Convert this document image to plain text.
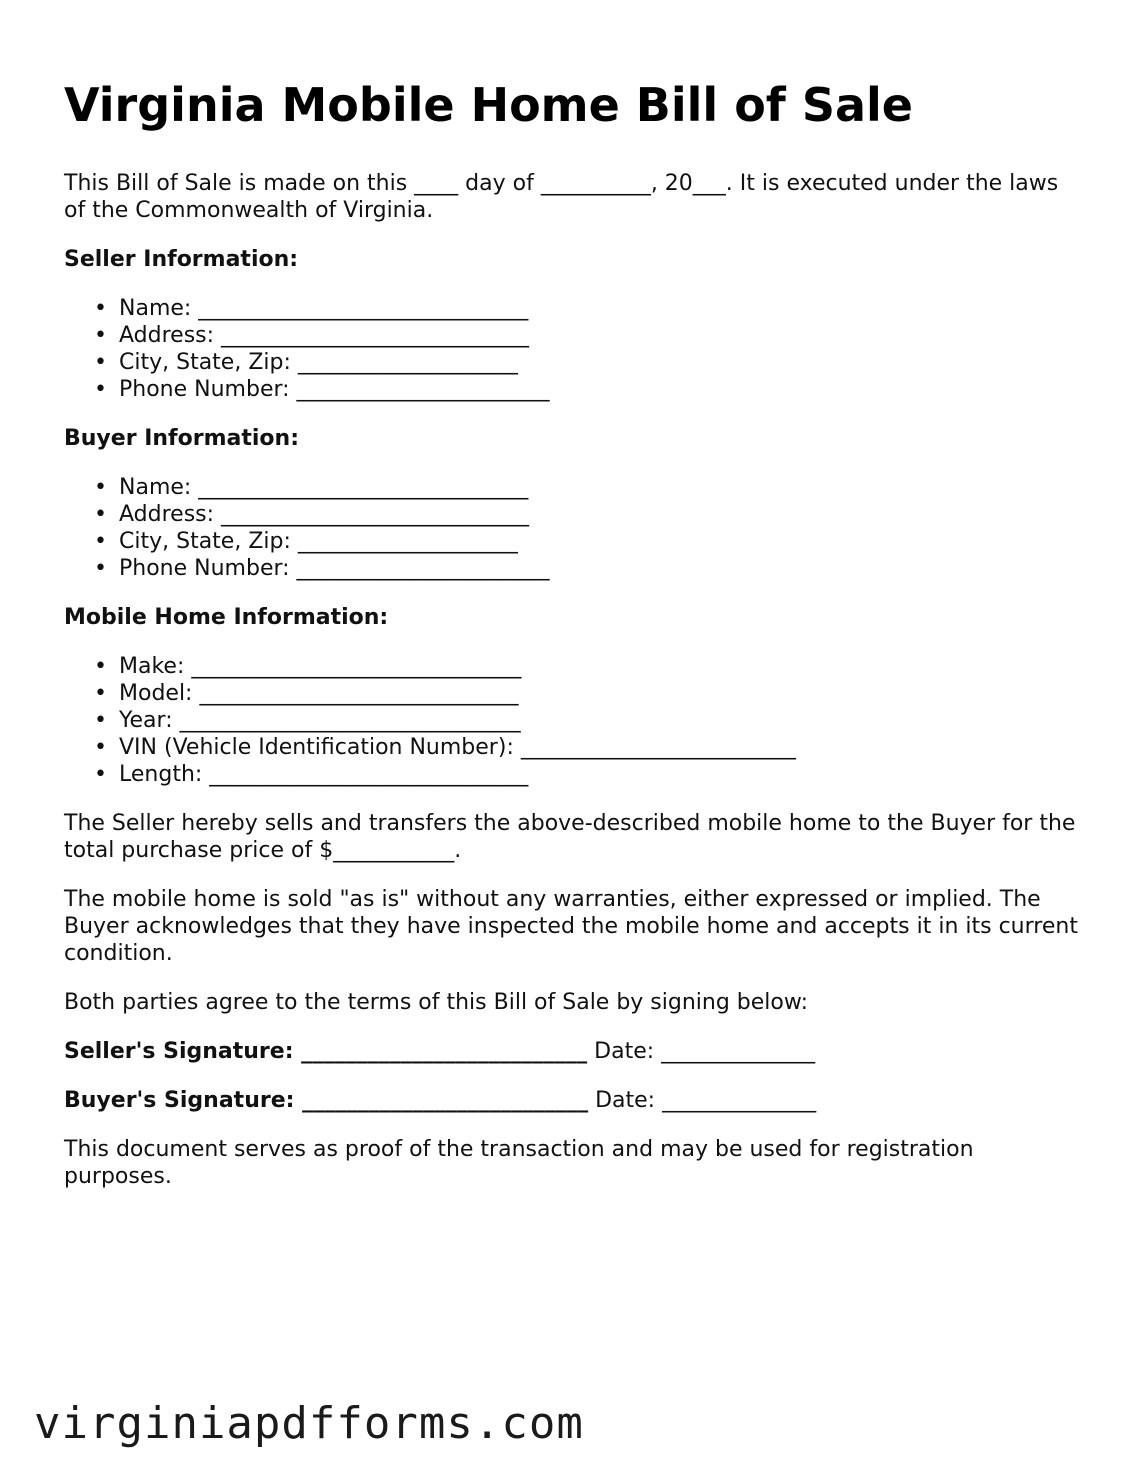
Virginia Mobile Home Bill of Sale

This Bill of Sale is made on this ____ day of __________, 20___. It is executed under the laws of the Commonwealth of Virginia.

Seller Information:
• Name: ______________________________
• Address: ____________________________
• City, State, Zip: ____________________
• Phone Number: _______________________
Buyer Information:
• Name: ______________________________
• Address: ____________________________
• City, State, Zip: ____________________
• Phone Number: _______________________
Mobile Home Information:
• Make: ______________________________
• Model: _____________________________
• Year: _______________________________
• VIN (Vehicle Identification Number): _________________________
• Length: _____________________________

The Seller hereby sells and transfers the above-described mobile home to the Buyer for the total purchase price of $___________.

The mobile home is sold "as is" without any warranties, either expressed or implied. The Buyer acknowledges that they have inspected the mobile home and accepts it in its current condition.

Both parties agree to the terms of this Bill of Sale by signing below:

Seller's Signature: __________________________ Date: ______________

Buyer's Signature: __________________________ Date: ______________

This document serves as proof of the transaction and may be used for registration purposes.

virginiapdfforms.com
